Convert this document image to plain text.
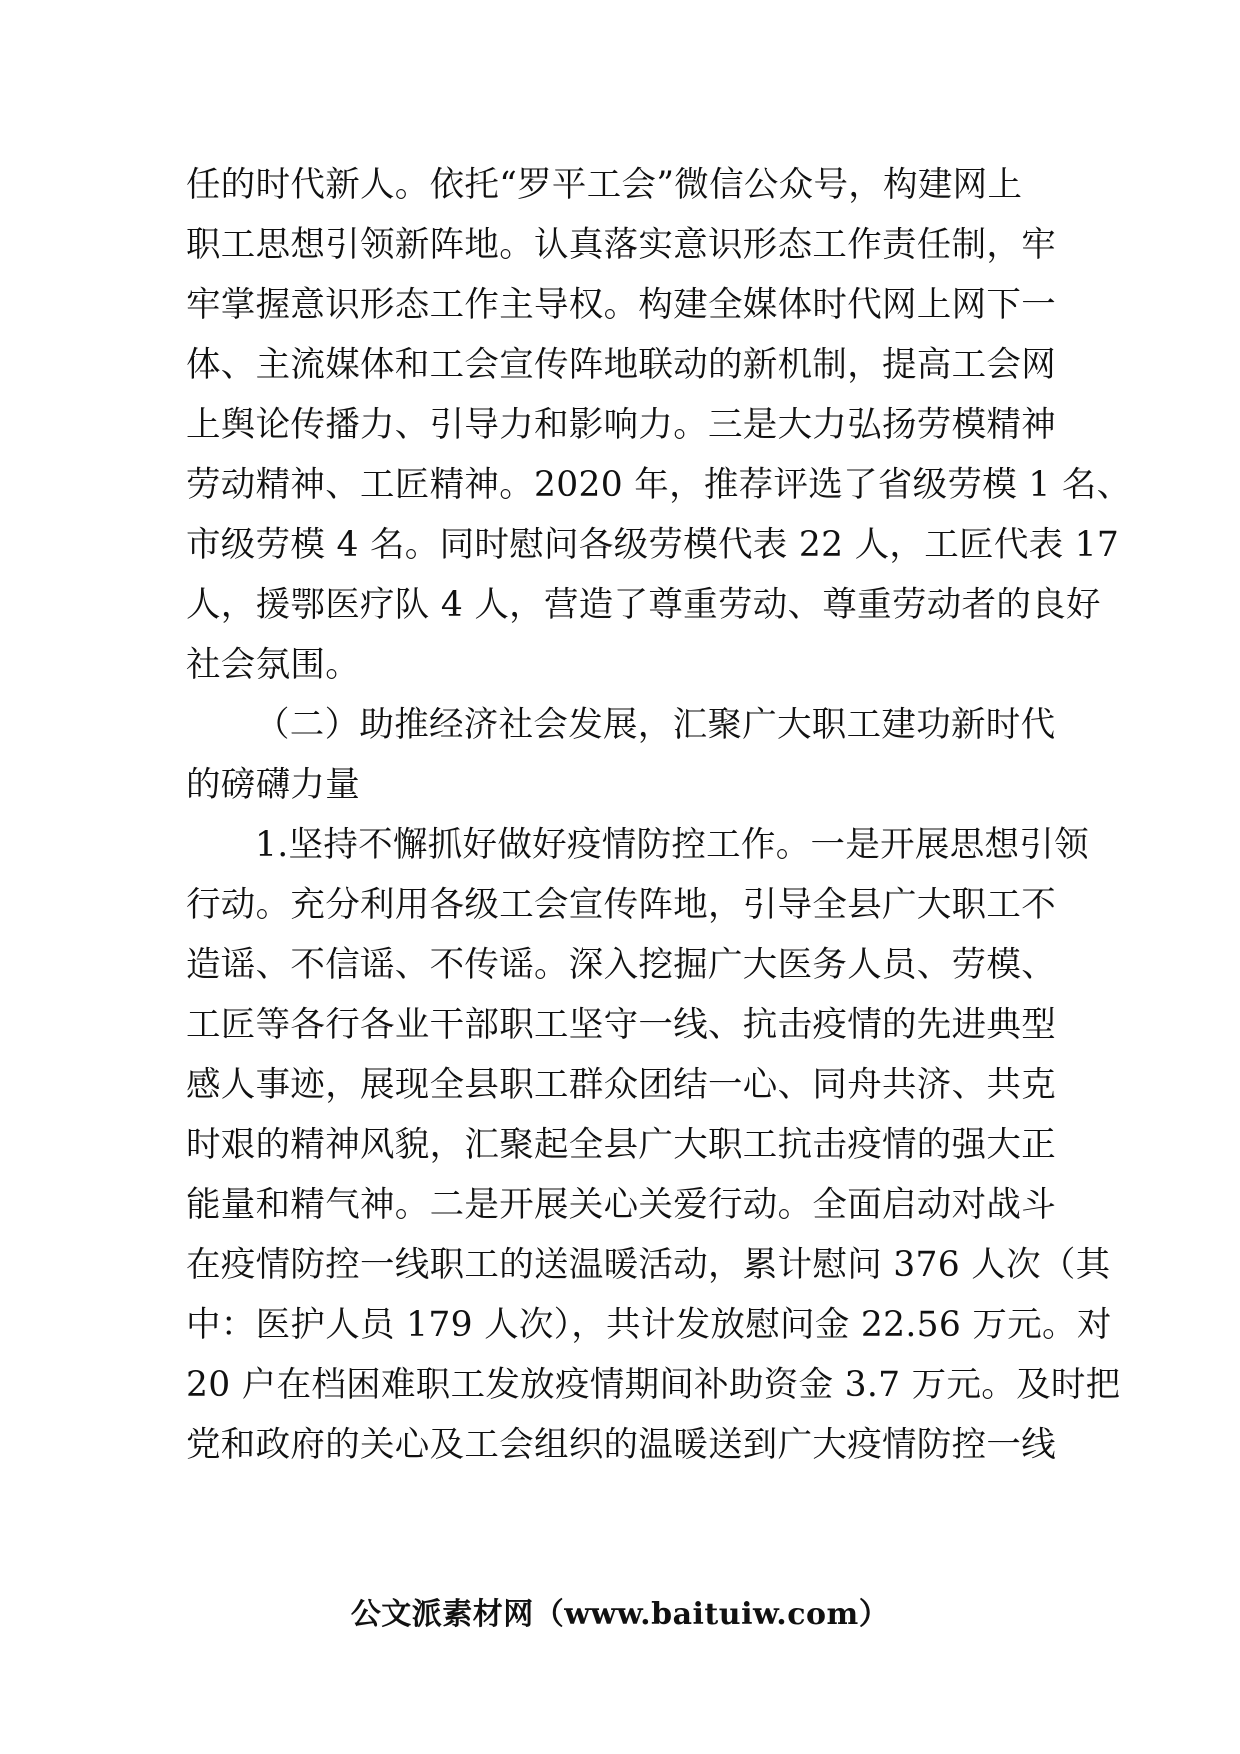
任的时代新人。依托“罗平工会”微信公众号，构建网上
职工思想引领新阵地。认真落实意识形态工作责任制，牢
牢掌握意识形态工作主导权。构建全媒体时代网上网下一
体、主流媒体和工会宣传阵地联动的新机制，提高工会网
上舆论传播力、引导力和影响力。三是大力弘扬劳模精神
劳动精神、工匠精神。2020 年，推荐评选了省级劳模 1 名、
市级劳模 4 名。同时慰问各级劳模代表 22 人，工匠代表 17
人，援鄂医疗队 4 人，营造了尊重劳动、尊重劳动者的良好
社会氛围。
（二）助推经济社会发展，汇聚广大职工建功新时代
的磅礴力量
1.坚持不懈抓好做好疫情防控工作。一是开展思想引领
行动。充分利用各级工会宣传阵地，引导全县广大职工不
造谣、不信谣、不传谣。深入挖掘广大医务人员、劳模、
工匠等各行各业干部职工坚守一线、抗击疫情的先进典型
感人事迹，展现全县职工群众团结一心、同舟共济、共克
时艰的精神风貌，汇聚起全县广大职工抗击疫情的强大正
能量和精气神。二是开展关心关爱行动。全面启动对战斗
在疫情防控一线职工的送温暖活动，累计慰问 376 人次（其
中：医护人员 179 人次），共计发放慰问金 22.56 万元。对
20 户在档困难职工发放疫情期间补助资金 3.7 万元。及时把
党和政府的关心及工会组织的温暖送到广大疫情防控一线
公文派素材网（www.baituiw.com）
